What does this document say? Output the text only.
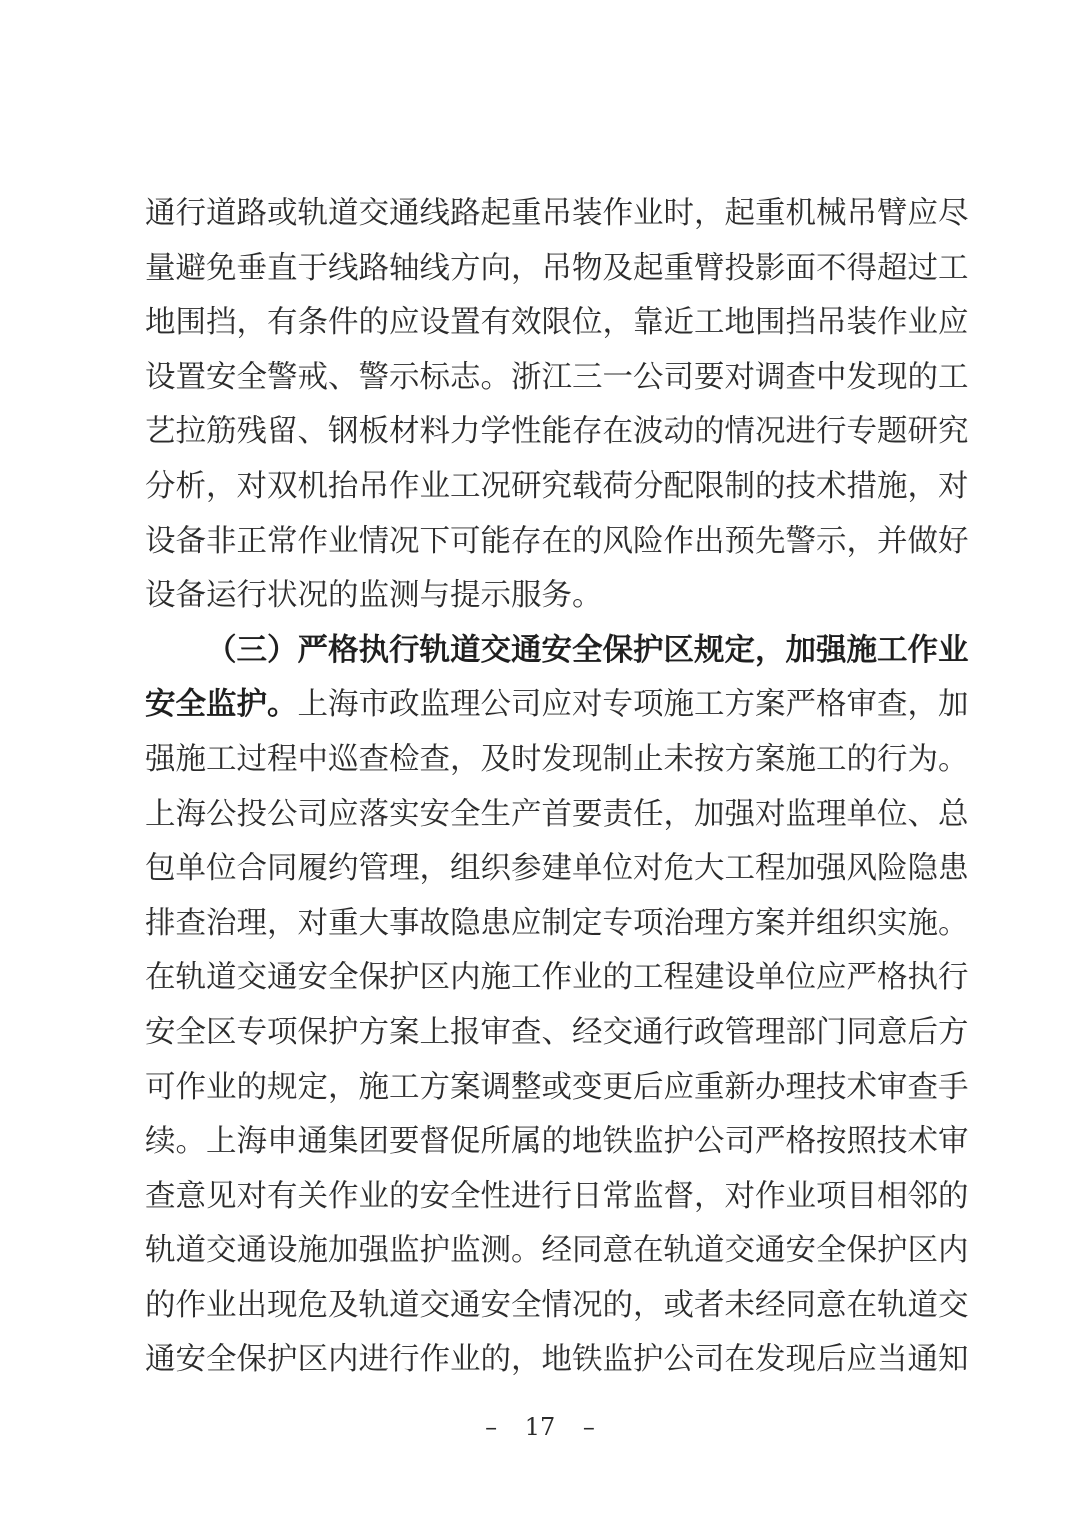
通行道路或轨道交通线路起重吊装作业时，起重机械吊臂应尽
量避免垂直于线路轴线方向，吊物及起重臂投影面不得超过工
地围挡，有条件的应设置有效限位，靠近工地围挡吊装作业应
设置安全警戒、警示标志。浙江三一公司要对调查中发现的工
艺拉筋残留、钢板材料力学性能存在波动的情况进行专题研究
分析，对双机抬吊作业工况研究载荷分配限制的技术措施，对
设备非正常作业情况下可能存在的风险作出预先警示，并做好
设备运行状况的监测与提示服务。
（三）严格执行轨道交通安全保护区规定，加强施工作业
安全监护。上海市政监理公司应对专项施工方案严格审查，加
强施工过程中巡查检查，及时发现制止未按方案施工的行为。
上海公投公司应落实安全生产首要责任，加强对监理单位、总
包单位合同履约管理，组织参建单位对危大工程加强风险隐患
排查治理，对重大事故隐患应制定专项治理方案并组织实施。
在轨道交通安全保护区内施工作业的工程建设单位应严格执行
安全区专项保护方案上报审查、经交通行政管理部门同意后方
可作业的规定，施工方案调整或变更后应重新办理技术审查手
续。上海申通集团要督促所属的地铁监护公司严格按照技术审
查意见对有关作业的安全性进行日常监督，对作业项目相邻的
轨道交通设施加强监护监测。经同意在轨道交通安全保护区内
的作业出现危及轨道交通安全情况的，或者未经同意在轨道交
通安全保护区内进行作业的，地铁监护公司在发现后应当通知
– 17 –
